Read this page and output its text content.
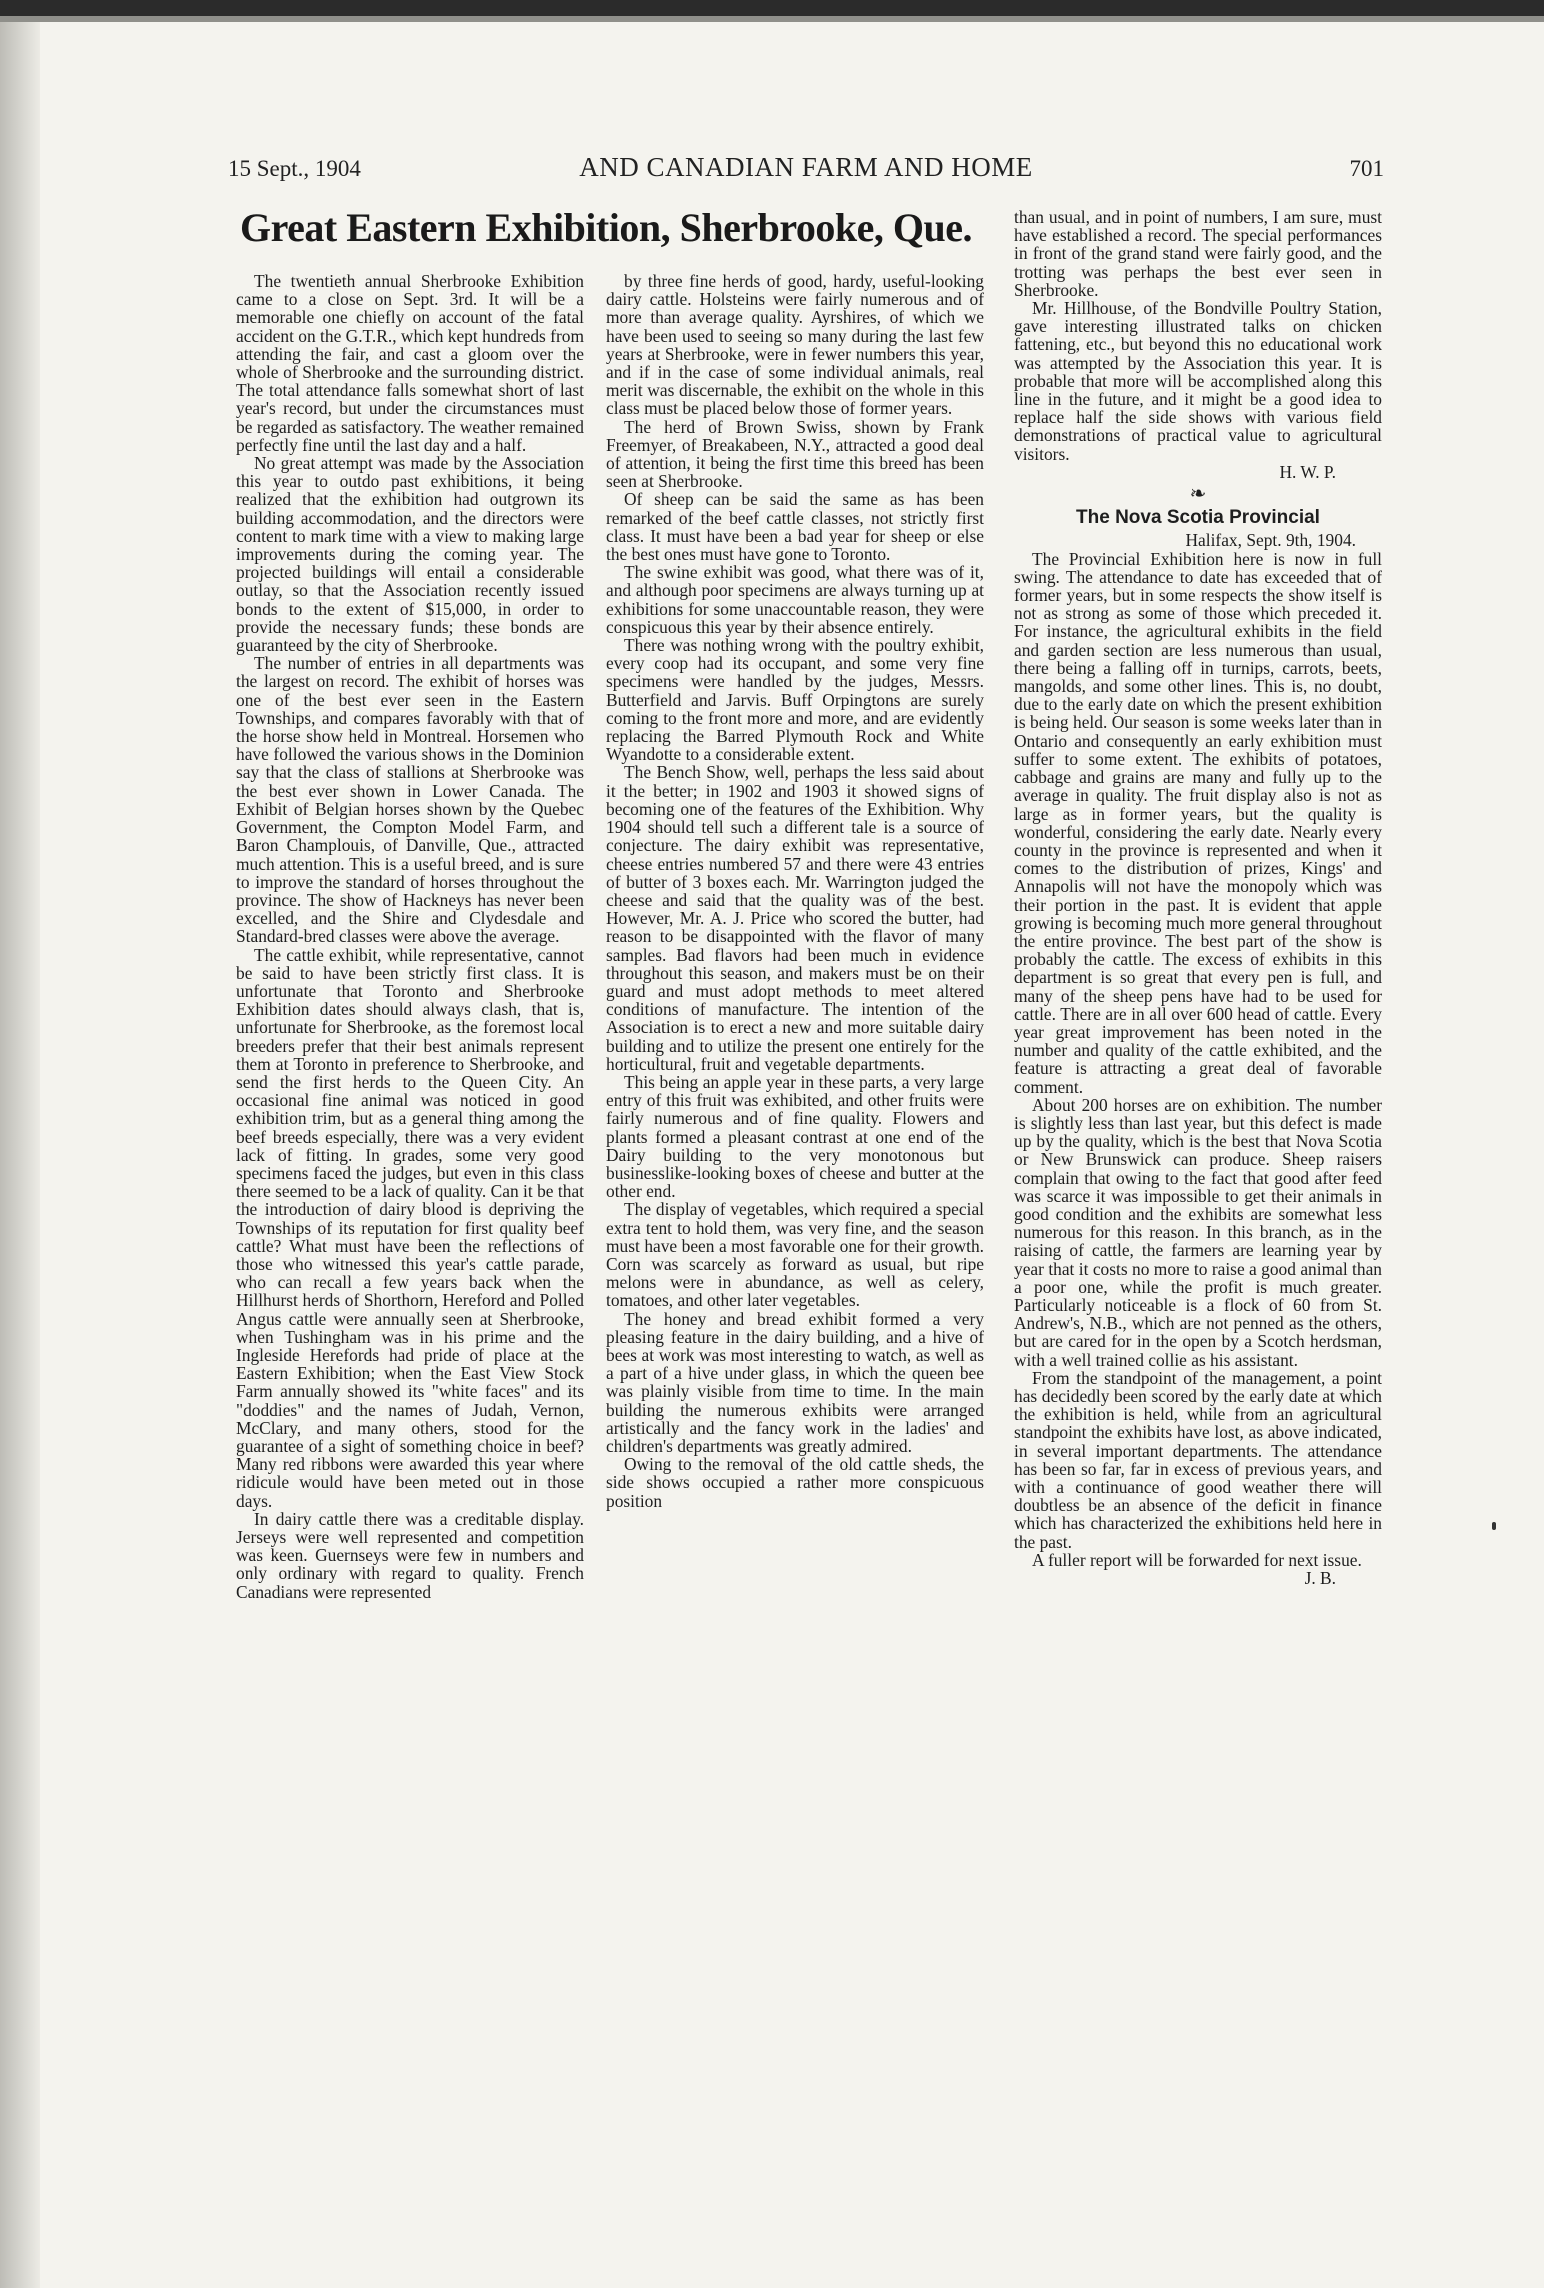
15 Sept., 1904	AND CANADIAN FARM AND HOME	701
Great Eastern Exhibition, Sherbrooke, Que.

The twentieth annual Sherbrooke Exhibition came to a close on Sept. 3rd. It will be a memorable one chiefly on account of the fatal accident on the G.T.R., which kept hundreds from attending the fair, and cast a gloom over the whole of Sherbrooke and the surrounding district. The total attendance falls somewhat short of last year's record, but under the circumstances must be regarded as satisfactory. The weather remained perfectly fine until the last day and a half.

No great attempt was made by the Association this year to outdo past exhibitions, it being realized that the exhibition had outgrown its building accommodation, and the directors were content to mark time with a view to making large improvements during the coming year. The projected buildings will entail a considerable outlay, so that the Association recently issued bonds to the extent of $15,000, in order to provide the necessary funds; these bonds are guaranteed by the city of Sherbrooke.

The number of entries in all departments was the largest on record. The exhibit of horses was one of the best ever seen in the Eastern Townships, and compares favorably with that of the horse show held in Montreal. Horsemen who have followed the various shows in the Dominion say that the class of stallions at Sherbrooke was the best ever shown in Lower Canada. The Exhibit of Belgian horses shown by the Quebec Government, the Compton Model Farm, and Baron Champlouis, of Danville, Que., attracted much attention. This is a useful breed, and is sure to improve the standard of horses throughout the province. The show of Hackneys has never been excelled, and the Shire and Clydesdale and Standard-bred classes were above the average.

The cattle exhibit, while representative, cannot be said to have been strictly first class. It is unfortunate that Toronto and Sherbrooke Exhibition dates should always clash, that is, unfortunate for Sherbrooke, as the foremost local breeders prefer that their best animals represent them at Toronto in preference to Sherbrooke, and send the first herds to the Queen City. An occasional fine animal was noticed in good exhibition trim, but as a general thing among the beef breeds especially, there was a very evident lack of fitting. In grades, some very good specimens faced the judges, but even in this class there seemed to be a lack of quality. Can it be that the introduction of dairy blood is depriving the Townships of its reputation for first quality beef cattle? What must have been the reflections of those who witnessed this year's cattle parade, who can recall a few years back when the Hillhurst herds of Shorthorn, Hereford and Polled Angus cattle were annually seen at Sherbrooke, when Tushingham was in his prime and the Ingleside Herefords had pride of place at the Eastern Exhibition; when the East View Stock Farm annually showed its "white faces" and its "doddies" and the names of Judah, Vernon, McClary, and many others, stood for the guarantee of a sight of something choice in beef? Many red ribbons were awarded this year where ridicule would have been meted out in those days.

In dairy cattle there was a creditable display. Jerseys were well represented and competition was keen. Guernseys were few in numbers and only ordinary with regard to quality. French Canadians were represented

by three fine herds of good, hardy, useful-looking dairy cattle. Holsteins were fairly numerous and of more than average quality. Ayrshires, of which we have been used to seeing so many during the last few years at Sherbrooke, were in fewer numbers this year, and if in the case of some individual animals, real merit was discernable, the exhibit on the whole in this class must be placed below those of former years.

The herd of Brown Swiss, shown by Frank Freemyer, of Breakabeen, N.Y., attracted a good deal of attention, it being the first time this breed has been seen at Sherbrooke.

Of sheep can be said the same as has been remarked of the beef cattle classes, not strictly first class. It must have been a bad year for sheep or else the best ones must have gone to Toronto.

The swine exhibit was good, what there was of it, and although poor specimens are always turning up at exhibitions for some unaccountable reason, they were conspicuous this year by their absence entirely.

There was nothing wrong with the poultry exhibit, every coop had its occupant, and some very fine specimens were handled by the judges, Messrs. Butterfield and Jarvis. Buff Orpingtons are surely coming to the front more and more, and are evidently replacing the Barred Plymouth Rock and White Wyandotte to a considerable extent.

The Bench Show, well, perhaps the less said about it the better; in 1902 and 1903 it showed signs of becoming one of the features of the Exhibition. Why 1904 should tell such a different tale is a source of conjecture. The dairy exhibit was representative, cheese entries numbered 57 and there were 43 entries of butter of 3 boxes each. Mr. Warrington judged the cheese and said that the quality was of the best. However, Mr. A. J. Price who scored the butter, had reason to be disappointed with the flavor of many samples. Bad flavors had been much in evidence throughout this season, and makers must be on their guard and must adopt methods to meet altered conditions of manufacture. The intention of the Association is to erect a new and more suitable dairy building and to utilize the present one entirely for the horticultural, fruit and vegetable departments.

This being an apple year in these parts, a very large entry of this fruit was exhibited, and other fruits were fairly numerous and of fine quality. Flowers and plants formed a pleasant contrast at one end of the Dairy building to the very monotonous but businesslike-looking boxes of cheese and butter at the other end.

The display of vegetables, which required a special extra tent to hold them, was very fine, and the season must have been a most favorable one for their growth. Corn was scarcely as forward as usual, but ripe melons were in abundance, as well as celery, tomatoes, and other later vegetables.

The honey and bread exhibit formed a very pleasing feature in the dairy building, and a hive of bees at work was most interesting to watch, as well as a part of a hive under glass, in which the queen bee was plainly visible from time to time. In the main building the numerous exhibits were arranged artistically and the fancy work in the ladies' and children's departments was greatly admired.

Owing to the removal of the old cattle sheds, the side shows occupied a rather more conspicuous position

than usual, and in point of numbers, I am sure, must have established a record. The special performances in front of the grand stand were fairly good, and the trotting was perhaps the best ever seen in Sherbrooke.

Mr. Hillhouse, of the Bondville Poultry Station, gave interesting illustrated talks on chicken fattening, etc., but beyond this no educational work was attempted by the Association this year. It is probable that more will be accomplished along this line in the future, and it might be a good idea to replace half the side shows with various field demonstrations of practical value to agricultural visitors.

H. W. P.
❧
The Nova Scotia Provincial
Halifax, Sept. 9th, 1904.

The Provincial Exhibition here is now in full swing. The attendance to date has exceeded that of former years, but in some respects the show itself is not as strong as some of those which preceded it. For instance, the agricultural exhibits in the field and garden section are less numerous than usual, there being a falling off in turnips, carrots, beets, mangolds, and some other lines. This is, no doubt, due to the early date on which the present exhibition is being held. Our season is some weeks later than in Ontario and consequently an early exhibition must suffer to some extent. The exhibits of potatoes, cabbage and grains are many and fully up to the average in quality. The fruit display also is not as large as in former years, but the quality is wonderful, considering the early date. Nearly every county in the province is represented and when it comes to the distribution of prizes, Kings' and Annapolis will not have the monopoly which was their portion in the past. It is evident that apple growing is becoming much more general throughout the entire province. The best part of the show is probably the cattle. The excess of exhibits in this department is so great that every pen is full, and many of the sheep pens have had to be used for cattle. There are in all over 600 head of cattle. Every year great improvement has been noted in the number and quality of the cattle exhibited, and the feature is attracting a great deal of favorable comment.

About 200 horses are on exhibition. The number is slightly less than last year, but this defect is made up by the quality, which is the best that Nova Scotia or New Brunswick can produce. Sheep raisers complain that owing to the fact that good after feed was scarce it was impossible to get their animals in good condition and the exhibits are somewhat less numerous for this reason. In this branch, as in the raising of cattle, the farmers are learning year by year that it costs no more to raise a good animal than a poor one, while the profit is much greater. Particularly noticeable is a flock of 60 from St. Andrew's, N.B., which are not penned as the others, but are cared for in the open by a Scotch herdsman, with a well trained collie as his assistant.

From the standpoint of the management, a point has decidedly been scored by the early date at which the exhibition is held, while from an agricultural standpoint the exhibits have lost, as above indicated, in several important departments. The attendance has been so far, far in excess of previous years, and with a continuance of good weather there will doubtless be an absence of the deficit in finance which has characterized the exhibitions held here in the past.

A fuller report will be forwarded for next issue.

J. B.
